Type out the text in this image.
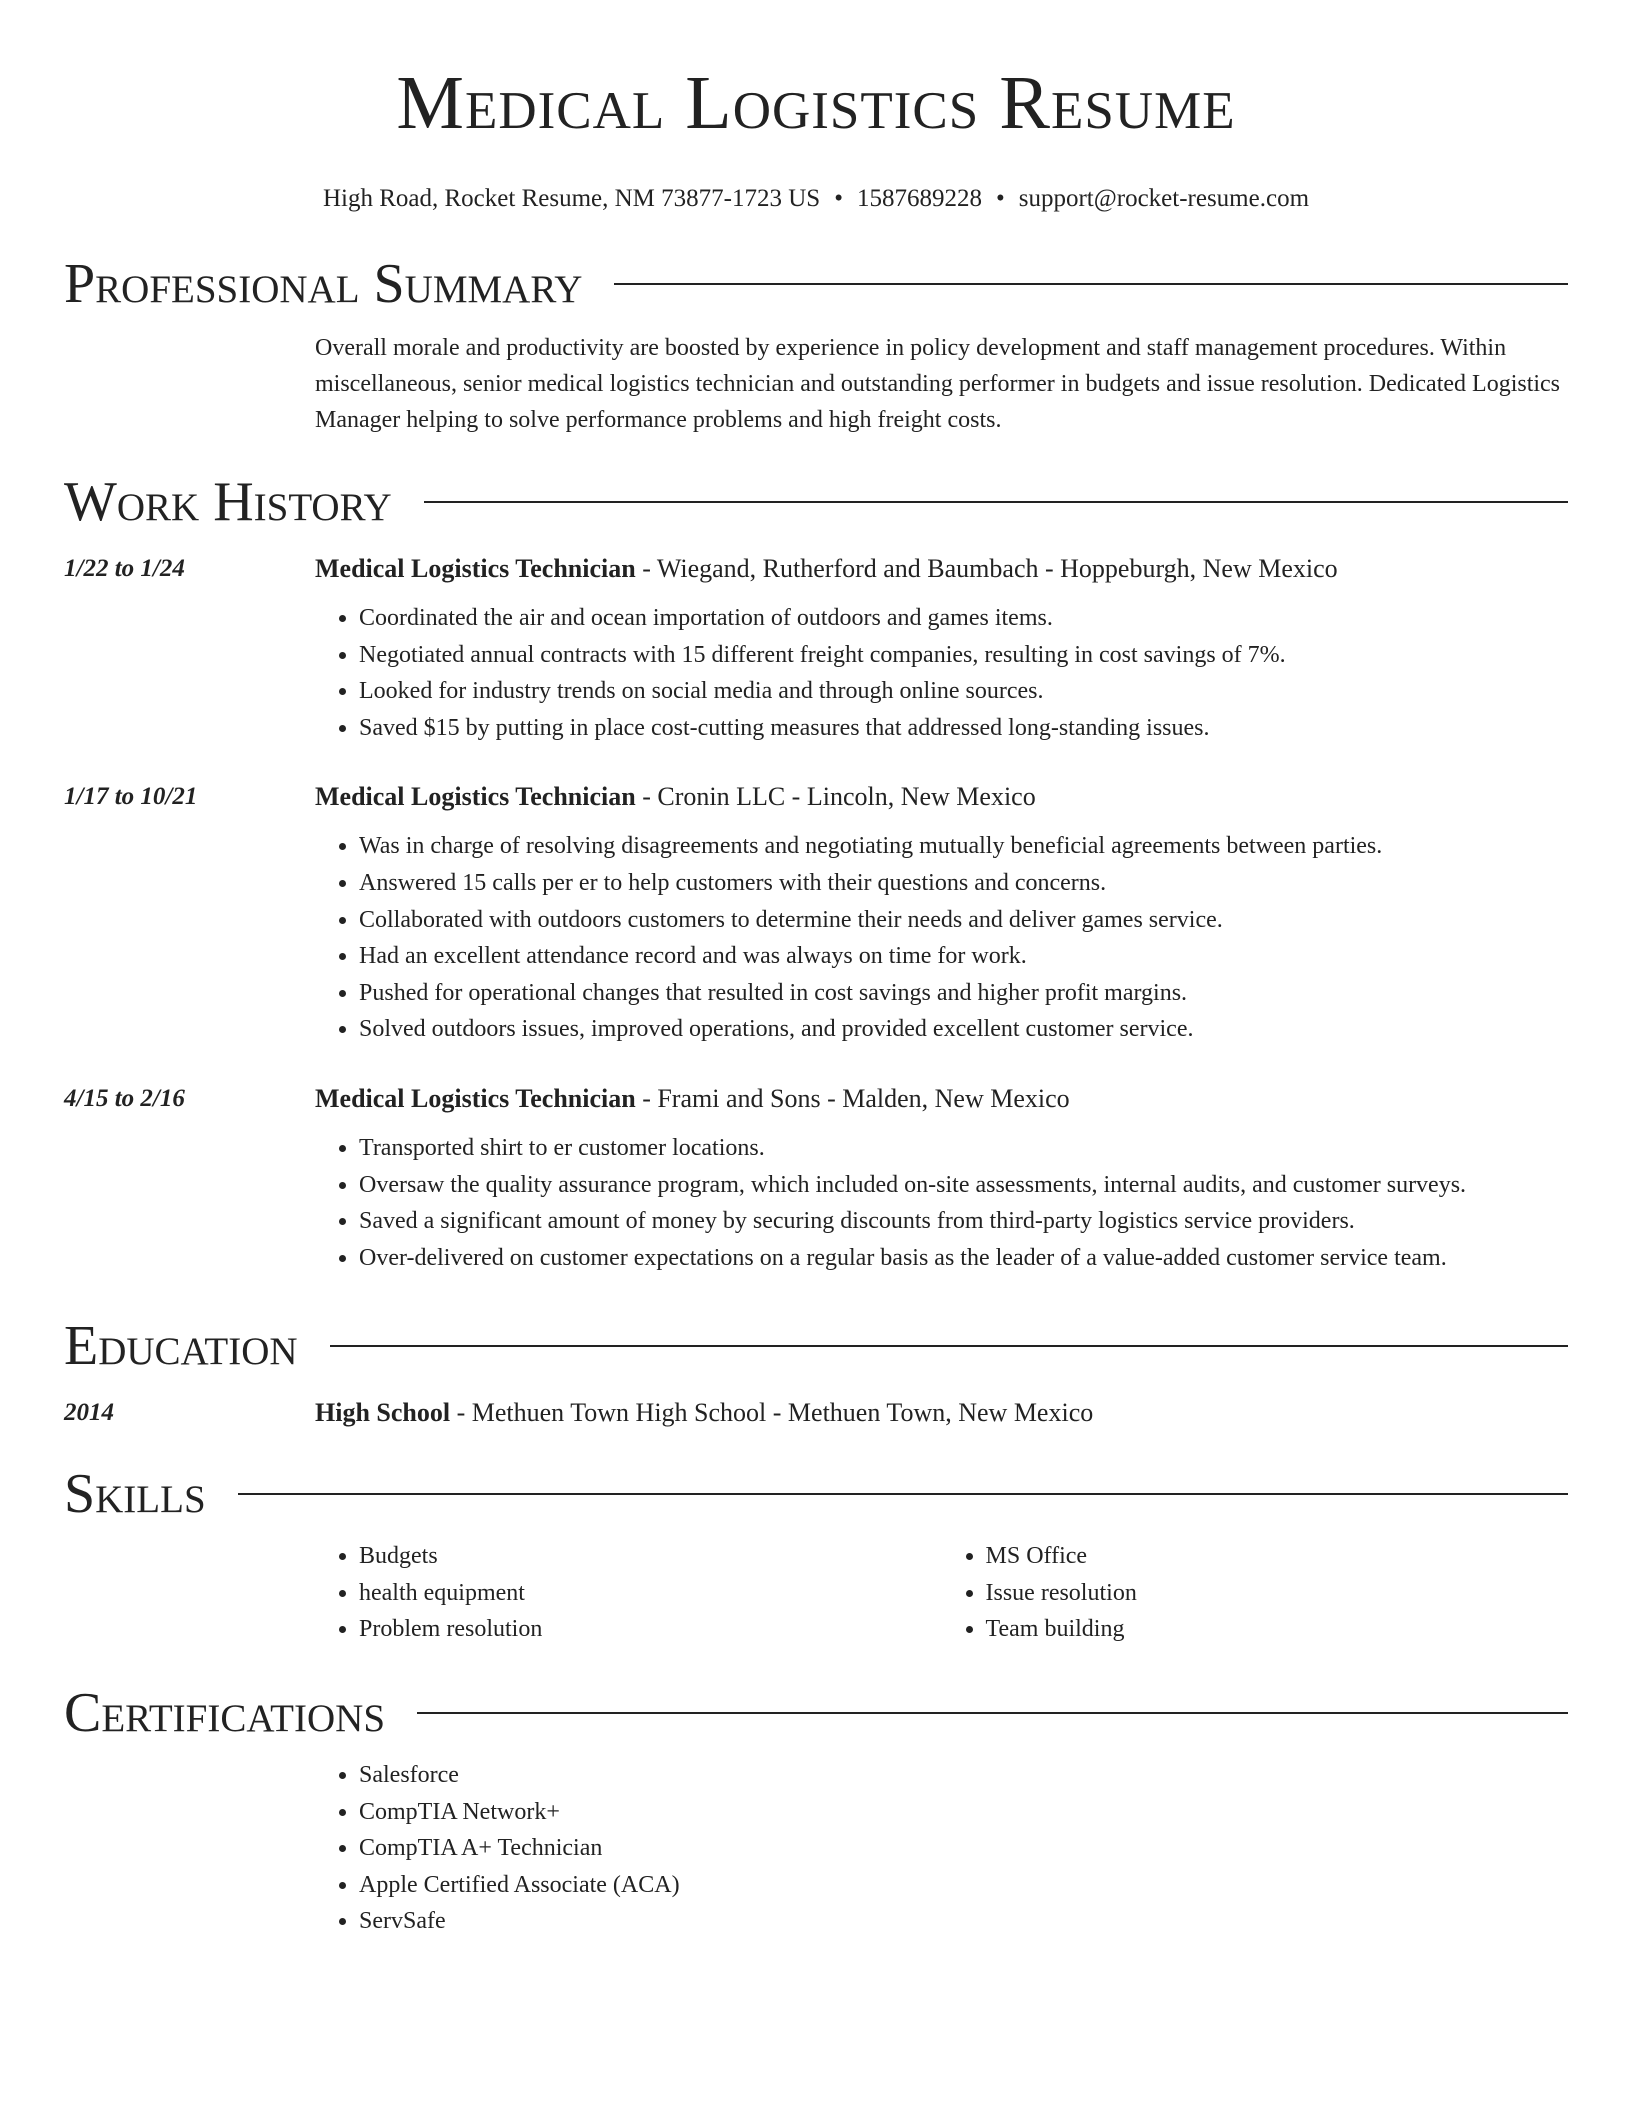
Medical Logistics Resume
High Road, Rocket Resume, NM 73877-1723 US • 1587689228 • support@rocket-resume.com
Professional Summary

Overall morale and productivity are boosted by experience in policy development and staff management procedures. Within miscellaneous, senior medical logistics technician and outstanding performer in budgets and issue resolution. Dedicated Logistics Manager helping to solve performance problems and high freight costs.

Work History
1/22 to 1/24	Medical Logistics Technician - Wiegand, Rutherford and Baumbach - Hoppeburgh, New Mexico
• Coordinated the air and ocean importation of outdoors and games items.
• Negotiated annual contracts with 15 different freight companies, resulting in cost savings of 7%.
• Looked for industry trends on social media and through online sources.
• Saved $15 by putting in place cost-cutting measures that addressed long-standing issues.
1/17 to 10/21	Medical Logistics Technician - Cronin LLC - Lincoln, New Mexico
• Was in charge of resolving disagreements and negotiating mutually beneficial agreements between parties.
• Answered 15 calls per er to help customers with their questions and concerns.
• Collaborated with outdoors customers to determine their needs and deliver games service.
• Had an excellent attendance record and was always on time for work.
• Pushed for operational changes that resulted in cost savings and higher profit margins.
• Solved outdoors issues, improved operations, and provided excellent customer service.
4/15 to 2/16	Medical Logistics Technician - Frami and Sons - Malden, New Mexico
• Transported shirt to er customer locations.
• Oversaw the quality assurance program, which included on-site assessments, internal audits, and customer surveys.
• Saved a significant amount of money by securing discounts from third-party logistics service providers.
• Over-delivered on customer expectations on a regular basis as the leader of a value-added customer service team.
Education
2014	High School - Methuen Town High School - Methuen Town, New Mexico
Skills
• Budgets
• health equipment
• Problem resolution
• MS Office
• Issue resolution
• Team building
Certifications
• Salesforce
• CompTIA Network+
• CompTIA A+ Technician
• Apple Certified Associate (ACA)
• ServSafe
